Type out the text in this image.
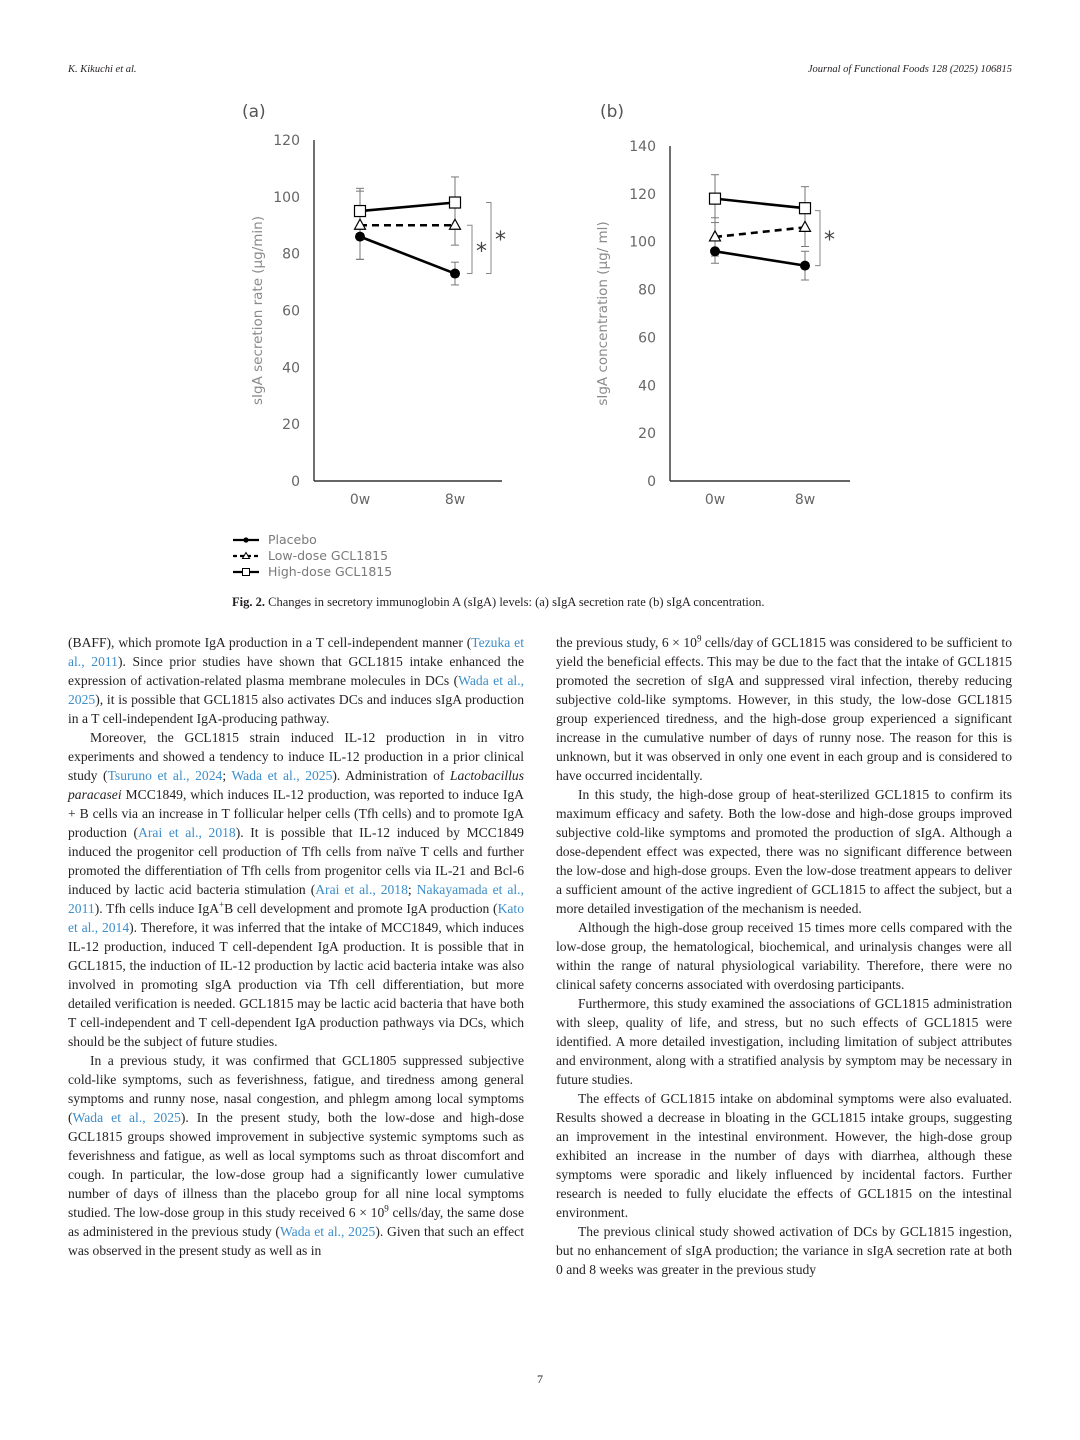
K. Kikuchi et al.	Journal of Functional Foods 128 (2025) 106815
(a)
0
20
40
60
80
100
120
0w	8w
sIgA secretion rate (μg/min)	* *
(b)
0
20
40
60
80
100
120
140
0w	8w
sIgA concentration (μg/ ml)	*
Placebo
Low-dose GCL1815
High-dose GCL1815
Fig. 2. Changes in secretory immunoglobin A (sIgA) levels: (a) sIgA secretion rate (b) sIgA concentration.

(BAFF), which promote IgA production in a T cell-independent manner (Tezuka et al., 2011). Since prior studies have shown that GCL1815 intake enhanced the expression of activation-related plasma membrane molecules in DCs (Wada et al., 2025), it is possible that GCL1815 also activates DCs and induces sIgA production in a T cell-independent IgA-producing pathway.

Moreover, the GCL1815 strain induced IL-12 production in in vitro experiments and showed a tendency to induce IL-12 production in a prior clinical study (Tsuruno et al., 2024; Wada et al., 2025). Administration of Lactobacillus paracasei MCC1849, which induces IL-12 production, was reported to induce IgA + B cells via an increase in T follicular helper cells (Tfh cells) and to promote IgA production (Arai et al., 2018). It is possible that IL-12 induced by MCC1849 induced the progenitor cell production of Tfh cells from naïve T cells and further promoted the differentiation of Tfh cells from progenitor cells via IL-21 and Bcl-6 induced by lactic acid bacteria stimulation (Arai et al., 2018; Nakayamada et al., 2011). Tfh cells induce IgA+B cell development and promote IgA production (Kato et al., 2014). Therefore, it was inferred that the intake of MCC1849, which induces IL-12 production, induced T cell-dependent IgA production. It is possible that in GCL1815, the induction of IL-12 production by lactic acid bacteria intake was also involved in promoting sIgA production via Tfh cell differentiation, but more detailed verification is needed. GCL1815 may be lactic acid bacteria that have both T cell-independent and T cell-dependent IgA production pathways via DCs, which should be the subject of future studies.

In a previous study, it was confirmed that GCL1805 suppressed subjective cold-like symptoms, such as feverishness, fatigue, and tiredness among general symptoms and runny nose, nasal congestion, and phlegm among local symptoms (Wada et al., 2025). In the present study, both the low-dose and high-dose GCL1815 groups showed improvement in subjective systemic symptoms such as feverishness and fatigue, as well as local symptoms such as throat discomfort and cough. In particular, the low-dose group had a significantly lower cumulative number of days of illness than the placebo group for all nine local symptoms studied. The low-dose group in this study received $6 \times 10^9$ cells/day, the same dose as administered in the previous study (Wada et al., 2025). Given that such an effect was observed in the present study as well as in

the previous study, $6 \times 10^9$ cells/day of GCL1815 was considered to be sufficient to yield the beneficial effects. This may be due to the fact that the intake of GCL1815 promoted the secretion of sIgA and suppressed viral infection, thereby reducing subjective cold-like symptoms. However, in this study, the low-dose GCL1815 group experienced tiredness, and the high-dose group experienced a significant increase in the cumulative number of days of runny nose. The reason for this is unknown, but it was observed in only one event in each group and is considered to have occurred incidentally.

In this study, the high-dose group of heat-sterilized GCL1815 to confirm its maximum efficacy and safety. Both the low-dose and high-dose groups improved subjective cold-like symptoms and promoted the production of sIgA. Although a dose-dependent effect was expected, there was no significant difference between the low-dose and high-dose groups. Even the low-dose treatment appears to deliver a sufficient amount of the active ingredient of GCL1815 to affect the subject, but a more detailed investigation of the mechanism is needed.

Although the high-dose group received 15 times more cells compared with the low-dose group, the hematological, biochemical, and urinalysis changes were all within the range of natural physiological variability. Therefore, there were no clinical safety concerns associated with overdosing participants.

Furthermore, this study examined the associations of GCL1815 administration with sleep, quality of life, and stress, but no such effects of GCL1815 were identified. A more detailed investigation, including limitation of subject attributes and environment, along with a stratified analysis by symptom may be necessary in future studies.

The effects of GCL1815 intake on abdominal symptoms were also evaluated. Results showed a decrease in bloating in the GCL1815 intake groups, suggesting an improvement in the intestinal environment. However, the high-dose group exhibited an increase in the number of days with diarrhea, although these symptoms were sporadic and likely influenced by incidental factors. Further research is needed to fully elucidate the effects of GCL1815 on the intestinal environment.

The previous clinical study showed activation of DCs by GCL1815 ingestion, but no enhancement of sIgA production; the variance in sIgA secretion rate at both 0 and 8 weeks was greater in the previous study

7
